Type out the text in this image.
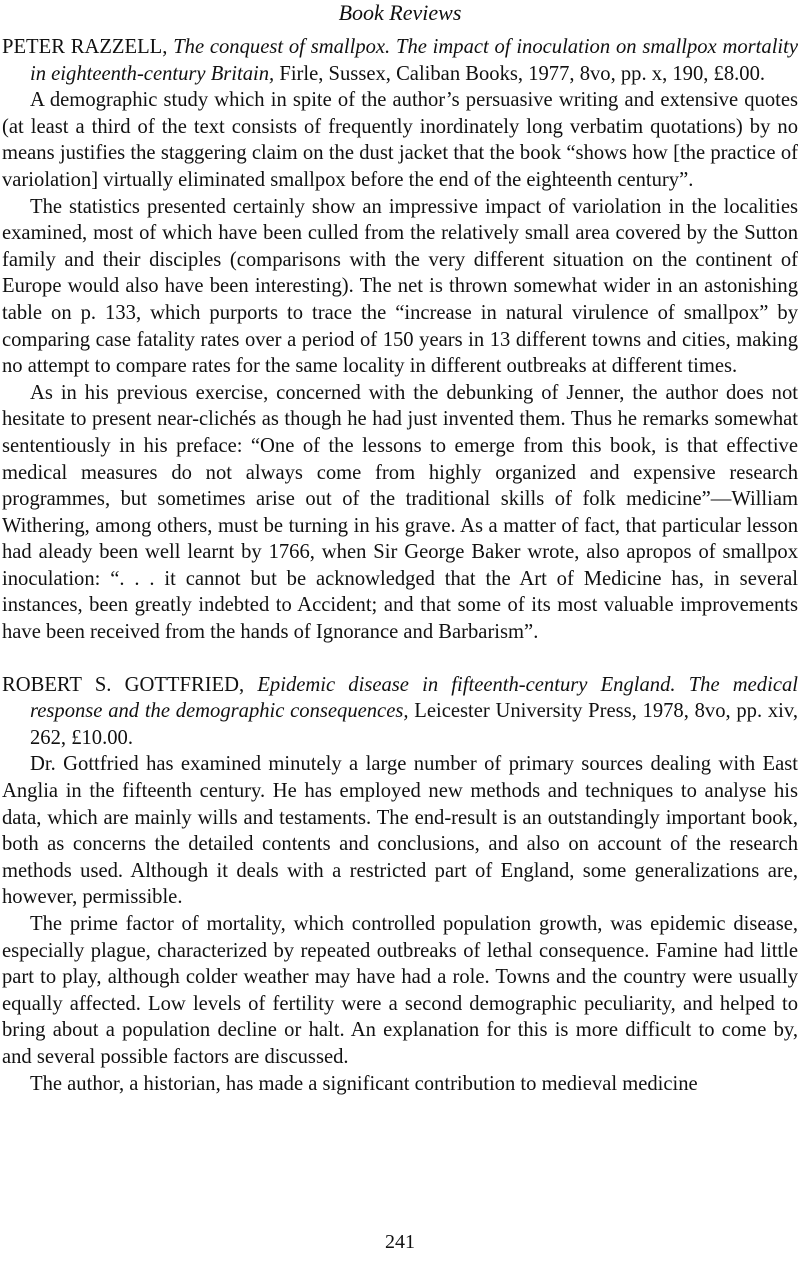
Book Reviews

PETER RAZZELL, The conquest of smallpox. The impact of inoculation on smallpox mortality in eighteenth-century Britain, Firle, Sussex, Caliban Books, 1977, 8vo, pp. x, 190, £8.00.

A demographic study which in spite of the author’s persuasive writing and extensive quotes (at least a third of the text consists of frequently inordinately long verbatim quotations) by no means justifies the staggering claim on the dust jacket that the book “shows how [the practice of variolation] virtually eliminated smallpox before the end of the eighteenth century”.

The statistics presented certainly show an impressive impact of variolation in the localities examined, most of which have been culled from the relatively small area covered by the Sutton family and their disciples (comparisons with the very different situation on the continent of Europe would also have been interesting). The net is thrown somewhat wider in an astonishing table on p. 133, which purports to trace the “increase in natural virulence of smallpox” by comparing case fatality rates over a period of 150 years in 13 different towns and cities, making no attempt to compare rates for the same locality in different outbreaks at different times.

As in his previous exercise, concerned with the debunking of Jenner, the author does not hesitate to present near-clichés as though he had just invented them. Thus he remarks somewhat sententiously in his preface: “One of the lessons to emerge from this book, is that effective medical measures do not always come from highly organized and expensive research programmes, but sometimes arise out of the traditional skills of folk medicine”—William Withering, among others, must be turning in his grave. As a matter of fact, that particular lesson had aleady been well learnt by 1766, when Sir George Baker wrote, also apropos of smallpox inoculation: “. . . it cannot but be acknowledged that the Art of Medicine has, in several instances, been greatly indebted to Accident; and that some of its most valuable improvements have been received from the hands of Ignorance and Barbarism”.

ROBERT S. GOTTFRIED, Epidemic disease in fifteenth-century England. The medical response and the demographic consequences, Leicester University Press, 1978, 8vo, pp. xiv, 262, £10.00.

Dr. Gottfried has examined minutely a large number of primary sources dealing with East Anglia in the fifteenth century. He has employed new methods and techniques to analyse his data, which are mainly wills and testaments. The end-result is an outstandingly important book, both as concerns the detailed contents and conclusions, and also on account of the research methods used. Although it deals with a restricted part of England, some generalizations are, however, permissible.

The prime factor of mortality, which controlled population growth, was epidemic disease, especially plague, characterized by repeated outbreaks of lethal consequence. Famine had little part to play, although colder weather may have had a role. Towns and the country were usually equally affected. Low levels of fertility were a second demographic peculiarity, and helped to bring about a population decline or halt. An explanation for this is more difficult to come by, and several possible factors are discussed.

The author, a historian, has made a significant contribution to medieval medicine

241
